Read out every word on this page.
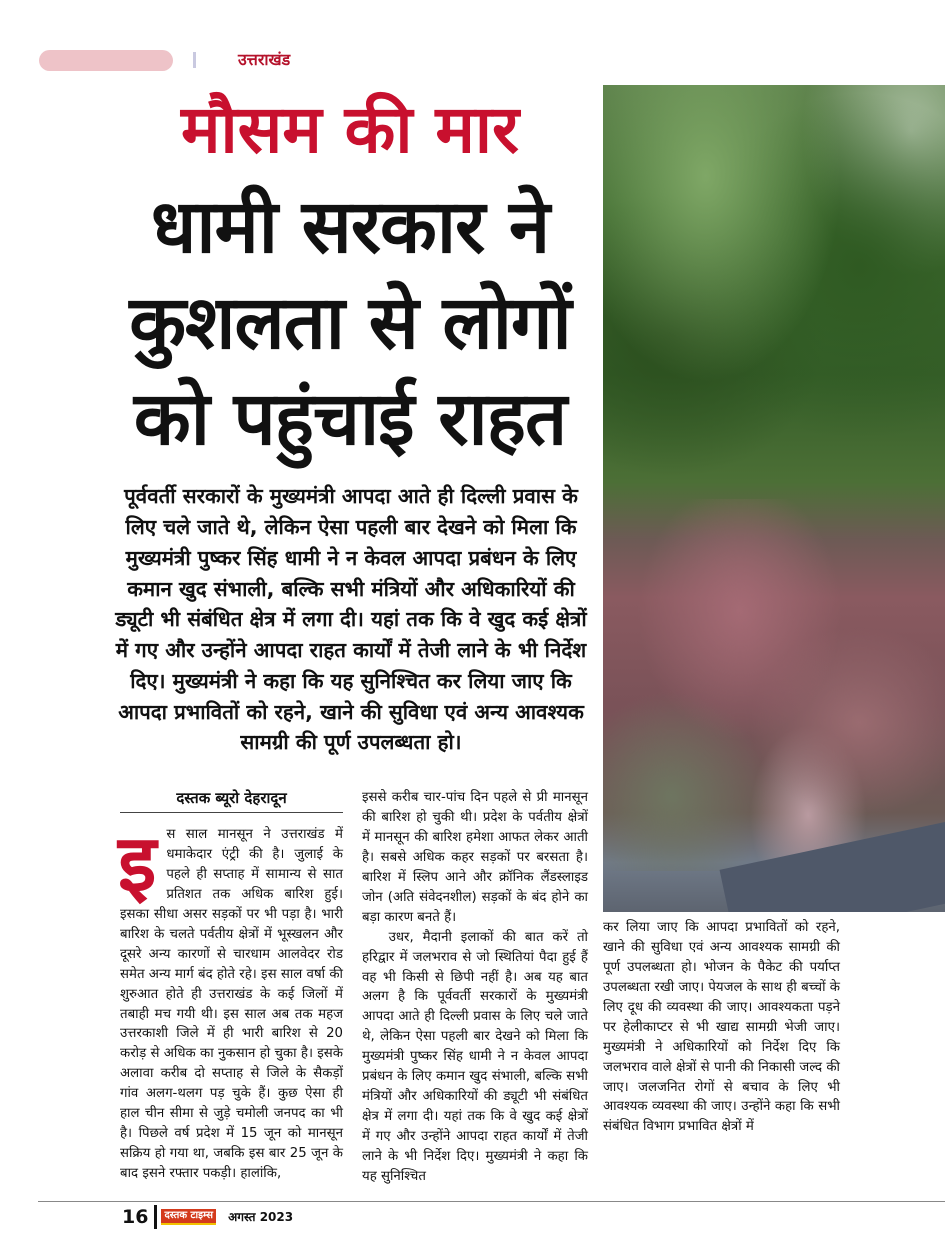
उत्तराखंड
मौसम की मार
धामी सरकार ने
कुशलता से लोगों
को पहुंचाई राहत
पूर्ववर्ती सरकारों के मुख्यमंत्री आपदा आते ही दिल्ली प्रवास के लिए चले जाते थे, लेकिन ऐसा पहली बार देखने को मिला कि मुख्यमंत्री पुष्कर सिंह धामी ने न केवल आपदा प्रबंधन के लिए कमान खुद संभाली, बल्कि सभी मंत्रियों और अधिकारियों की ड्यूटी भी संबंधित क्षेत्र में लगा दी। यहां तक कि वे खुद कई क्षेत्रों में गए और उन्होंने आपदा राहत कार्यों में तेजी लाने के भी निर्देश दिए। मुख्यमंत्री ने कहा कि यह सुनिश्चित कर लिया जाए कि आपदा प्रभावितों को रहने, खाने की सुविधा एवं अन्य आवश्यक सामग्री की पूर्ण उपलब्धता हो।
दस्तक ब्यूरो देहरादून
इ स साल मानसून ने उत्तराखंड में धमाकेदार एंट्री की है। जुलाई के पहले ही सप्ताह में सामान्य से सात प्रतिशत तक अधिक बारिश हुई। इसका सीधा असर सड़कों पर भी पड़ा है। भारी बारिश के चलते पर्वतीय क्षेत्रों में भूस्खलन और दूसरे अन्य कारणों से चारधाम आलवेदर रोड समेत अन्य मार्ग बंद होते रहे। इस साल वर्षा की शुरुआत होते ही उत्तराखंड के कई जिलों में तबाही मच गयी थी। इस साल अब तक महज उत्तरकाशी जिले में ही भारी बारिश से 20 करोड़ से अधिक का नुकसान हो चुका है। इसके अलावा करीब दो सप्ताह से जिले के सैकड़ों गांव अलग-थलग पड़ चुके हैं। कुछ ऐसा ही हाल चीन सीमा से जुड़े चमोली जनपद का भी है। पिछले वर्ष प्रदेश में 15 जून को मानसून सक्रिय हो गया था, जबकि इस बार 25 जून के बाद इसने रफ्तार पकड़ी। हालांकि,

इससे करीब चार-पांच दिन पहले से प्री मानसून की बारिश हो चुकी थी। प्रदेश के पर्वतीय क्षेत्रों में मानसून की बारिश हमेशा आफत लेकर आती है। सबसे अधिक कहर सड़कों पर बरसता है। बारिश में स्लिप आने और क्रॉनिक लैंडस्लाइड जोन (अति संवेदनशील) सड़कों के बंद होने का बड़ा कारण बनते हैं।

उधर, मैदानी इलाकों की बात करें तो हरिद्वार में जलभराव से जो स्थितियां पैदा हुई हैं वह भी किसी से छिपी नहीं है। अब यह बात अलग है कि पूर्ववर्ती सरकारों के मुख्यमंत्री आपदा आते ही दिल्ली प्रवास के लिए चले जाते थे, लेकिन ऐसा पहली बार देखने को मिला कि मुख्यमंत्री पुष्कर सिंह धामी ने न केवल आपदा प्रबंधन के लिए कमान खुद संभाली, बल्कि सभी मंत्रियों और अधिकारियों की ड्यूटी भी संबंधित क्षेत्र में लगा दी। यहां तक कि वे खुद कई क्षेत्रों में गए और उन्होंने आपदा राहत कार्यों में तेजी लाने के भी निर्देश दिए। मुख्यमंत्री ने कहा कि यह सुनिश्चित

कर लिया जाए कि आपदा प्रभावितों को रहने, खाने की सुविधा एवं अन्य आवश्यक सामग्री की पूर्ण उपलब्धता हो। भोजन के पैकेट की पर्याप्त उपलब्धता रखी जाए। पेयजल के साथ ही बच्चों के लिए दूध की व्यवस्था की जाए। आवश्यकता पड़ने पर हेलीकाप्टर से भी खाद्य सामग्री भेजी जाए। मुख्यमंत्री ने अधिकारियों को निर्देश दिए कि जलभराव वाले क्षेत्रों से पानी की निकासी जल्द की जाए। जलजनित रोगों से बचाव के लिए भी आवश्यक व्यवस्था की जाए। उन्होंने कहा कि सभी संबंधित विभाग प्रभावित क्षेत्रों में

16	दस्तक टाइम्स अगस्त 2023
